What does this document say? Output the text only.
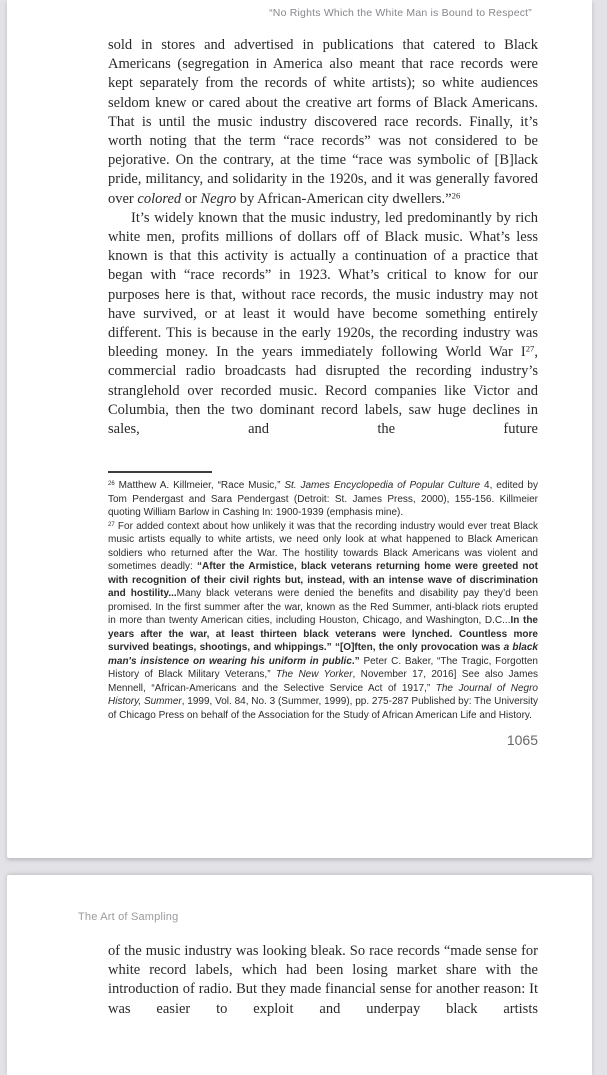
“No Rights Which the White Man is Bound to Respect”
sold in stores and advertised in publications that catered to Black Americans (segregation in America also meant that race records were kept separately from the records of white artists); so white audiences seldom knew or cared about the creative art forms of Black Americans. That is until the music industry discovered race records. Finally, it’s worth noting that the term “race records” was not considered to be pejorative. On the contrary, at the time “race was symbolic of [B]lack pride, militancy, and solidarity in the 1920s, and it was generally favored over colored or Negro by African-American city dwellers.”$^{26}$
It’s widely known that the music industry, led predominantly by rich white men, profits millions of dollars off of Black music. What’s less known is that this activity is actually a continuation of a practice that began with “race records” in 1923. What’s critical to know for our purposes here is that, without race records, the music industry may not have survived, or at least it would have become something entirely different. This is because in the early 1920s, the recording industry was bleeding money. In the years immediately following World War $I^{27}$, commercial radio broadcasts had disrupted the recording industry’s stranglehold over recorded music. Record companies like Victor and Columbia, then the two dominant record labels, saw huge declines in sales, and the future
$^{26}$ Matthew A. Killmeier, “Race Music,” St. James Encyclopedia of Popular Culture 4, edited by Tom Pendergast and Sara Pendergast (Detroit: St. James Press, 2000), 155-156. Killmeier quoting William Barlow in Cashing In: 1900-1939 (emphasis mine).
$^{27}$ For added context about how unlikely it was that the recording industry would ever treat Black music artists equally to white artists, we need only look at what happened to Black American soldiers who returned after the War. The hostility towards Black Americans was violent and sometimes deadly: “After the Armistice, black veterans returning home were greeted not with recognition of their civil rights but, instead, with an intense wave of discrimination and hostility...Many black veterans were denied the benefits and disability pay they’d been promised. In the first summer after the war, known as the Red Summer, anti-black riots erupted in more than twenty American cities, including Houston, Chicago, and Washington, D.C...In the years after the war, at least thirteen black veterans were lynched. Countless more survived beatings, shootings, and whippings.” “[O]ften, the only provocation was a black man's insistence on wearing his uniform in public.” Peter C. Baker, “The Tragic, Forgotten History of Black Military Veterans,” The New Yorker, November 17, 2016] See also James Mennell, “African-Americans and the Selective Service Act of 1917,” The Journal of Negro History, Summer, 1999, Vol. 84, No. 3 (Summer, 1999), pp. 275-287 Published by: The University of Chicago Press on behalf of the Association for the Study of African American Life and History.
1065
The Art of Sampling
of the music industry was looking bleak. So race records “made sense for white record labels, which had been losing market share with the introduction of radio. But they made financial sense for another reason: It was easier to exploit and underpay black artists
